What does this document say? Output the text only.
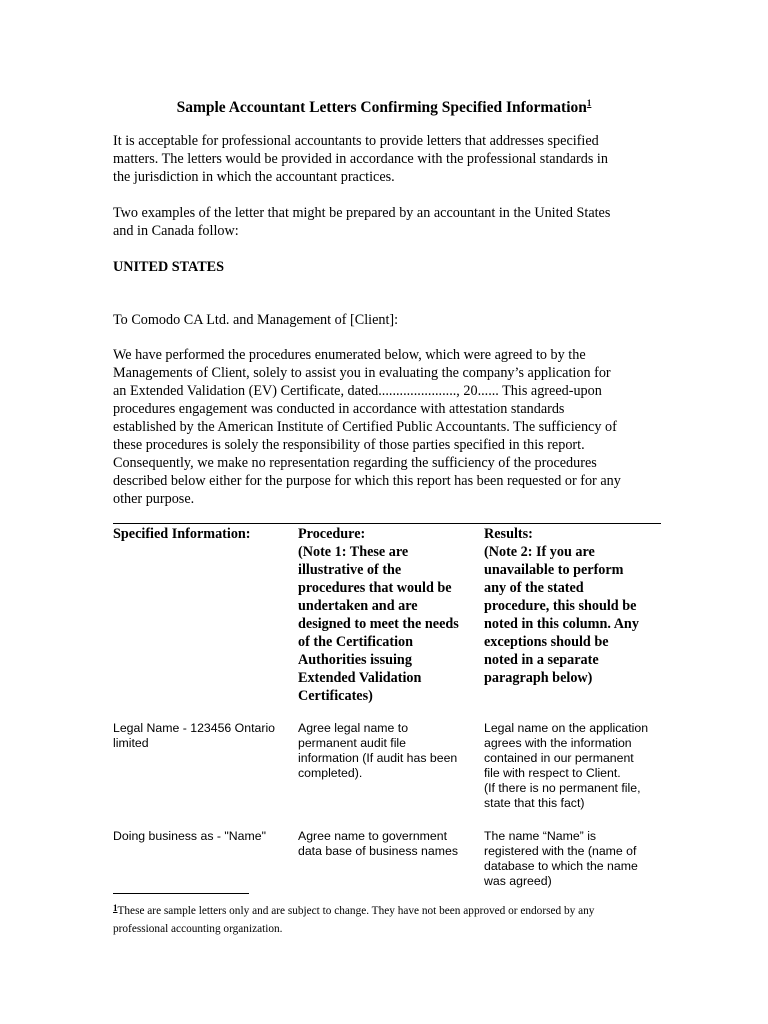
Sample Accountant Letters Confirming Specified Information$^1$
It is acceptable for professional accountants to provide letters that addresses specified
matters. The letters would be provided in accordance with the professional standards in
the jurisdiction in which the accountant practices.
Two examples of the letter that might be prepared by an accountant in the United States
and in Canada follow:
UNITED STATES
To Comodo CA Ltd. and Management of [Client]:
We have performed the procedures enumerated below, which were agreed to by the
Managements of Client, solely to assist you in evaluating the company’s application for
an Extended Validation (EV) Certificate, dated......................, 20...... This agreed-upon
procedures engagement was conducted in accordance with attestation standards
established by the American Institute of Certified Public Accountants. The sufficiency of
these procedures is solely the responsibility of those parties specified in this report.
Consequently, we make no representation regarding the sufficiency of the procedures
described below either for the purpose for which this report has been requested or for any
other purpose.
Specified Information:	Procedure:
(Note 1: These are
illustrative of the
procedures that would be
undertaken and are
designed to meet the needs
of the Certification
Authorities issuing
Extended Validation
Certificates)
Results:
(Note 2: If you are
unavailable to perform
any of the stated
procedure, this should be
noted in this column. Any
exceptions should be
noted in a separate
paragraph below)
Legal Name - 123456 Ontario
limited
Agree legal name to
permanent audit file
information (If audit has been
completed).
Legal name on the application
agrees with the information
contained in our permanent
file with respect to Client.
(If there is no permanent file,
state that this fact)
Doing business as - "Name"	Agree name to government
data base of business names
The name “Name” is
registered with the (name of
database to which the name
was agreed)
$^1$These are sample letters only and are subject to change. They have not been approved or endorsed by any
professional accounting organization.
